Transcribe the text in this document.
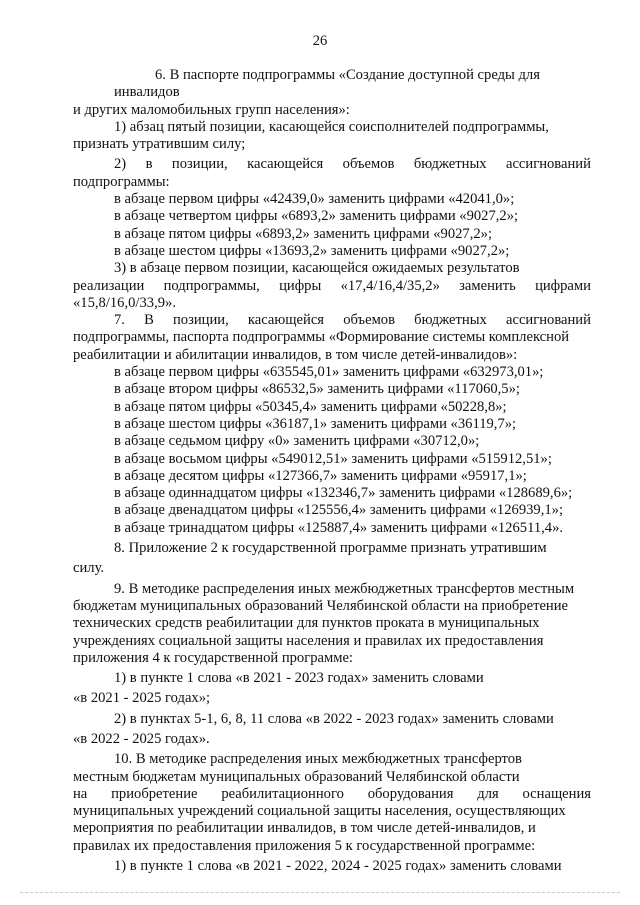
26
6. В паспорте подпрограммы «Создание доступной среды для инвалидов

и других маломобильных групп населения»:

1) абзац пятый позиции, касающейся соисполнителей подпрограммы,

признать утратившим силу;

2) в позиции, касающейся объемов бюджетных ассигнований

подпрограммы:

в абзаце первом цифры «42439,0» заменить цифрами «42041,0»;

в абзаце четвертом цифры «6893,2» заменить цифрами «9027,2»;

в абзаце пятом цифры «6893,2» заменить цифрами «9027,2»;

в абзаце шестом цифры «13693,2» заменить цифрами «9027,2»;

3) в абзаце первом позиции, касающейся ожидаемых результатов

реализации подпрограммы, цифры «17,4/16,4/35,2» заменить цифрами

«15,8/16,0/33,9».

7. В позиции, касающейся объемов бюджетных ассигнований

подпрограммы, паспорта подпрограммы «Формирование системы комплексной

реабилитации и абилитации инвалидов, в том числе детей-инвалидов»:

в абзаце первом цифры «635545,01» заменить цифрами «632973,01»;

в абзаце втором цифры «86532,5» заменить цифрами «117060,5»;

в абзаце пятом цифры «50345,4» заменить цифрами «50228,8»;

в абзаце шестом цифры «36187,1» заменить цифрами «36119,7»;

в абзаце седьмом цифру «0» заменить цифрами «30712,0»;

в абзаце восьмом цифры «549012,51» заменить цифрами «515912,51»;

в абзаце десятом цифры «127366,7» заменить цифрами «95917,1»;

в абзаце одиннадцатом цифры «132346,7» заменить цифрами «128689,6»;

в абзаце двенадцатом цифры «125556,4» заменить цифрами «126939,1»;

в абзаце тринадцатом цифры «125887,4» заменить цифрами «126511,4».

8. Приложение 2 к государственной программе признать утратившим

силу.

9. В методике распределения иных межбюджетных трансфертов местным

бюджетам муниципальных образований Челябинской области на приобретение

технических средств реабилитации для пунктов проката в муниципальных

учреждениях социальной защиты населения и правилах их предоставления

приложения 4 к государственной программе:

1) в пункте 1 слова «в 2021 - 2023 годах» заменить словами

«в 2021 - 2025 годах»;

2) в пунктах 5-1, 6, 8, 11 слова «в 2022 - 2023 годах» заменить словами

«в 2022 - 2025 годах».

10. В методике распределения иных межбюджетных трансфертов

местным бюджетам муниципальных образований Челябинской области

на приобретение реабилитационного оборудования для оснащения

муниципальных учреждений социальной защиты населения, осуществляющих

мероприятия по реабилитации инвалидов, в том числе детей-инвалидов, и

правилах их предоставления приложения 5 к государственной программе:

1) в пункте 1 слова «в 2021 - 2022, 2024 - 2025 годах» заменить словами
